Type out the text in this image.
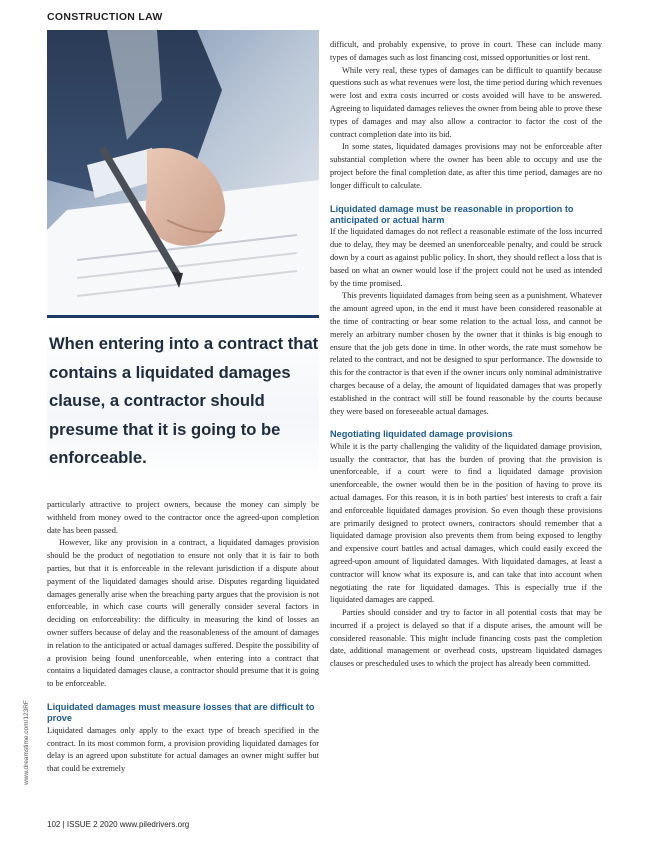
CONSTRUCTION LAW

When entering into a contract that contains a liquidated damages clause, a contractor should presume that it is going to be enforceable.

particularly attractive to project owners, because the money can simply be withheld from money owed to the contractor once the agreed-upon completion date has been passed.

However, like any provision in a contract, a liquidated damages provision should be the product of negotiation to ensure not only that it is fair to both parties, but that it is enforceable in the relevant jurisdiction if a dispute about payment of the liquidated damages should arise. Disputes regarding liquidated damages generally arise when the breaching party argues that the provision is not enforceable, in which case courts will generally consider several factors in deciding on enforceability: the difficulty in measuring the kind of losses an owner suffers because of delay and the reasonableness of the amount of damages in relation to the anticipated or actual damages suffered. Despite the possibility of a provision being found unenforceable, when entering into a contract that contains a liquidated damages clause, a contractor should presume that it is going to be enforceable.

Liquidated damages must measure losses that are difficult to prove

Liquidated damages only apply to the exact type of breach specified in the contract. In its most common form, a provision providing liquidated damages for delay is an agreed upon substitute for actual damages an owner might suffer but that could be extremely

difficult, and probably expensive, to prove in court. These can include many types of damages such as lost financing cost, missed opportunities or lost rent.

While very real, these types of damages can be difficult to quantify because questions such as what revenues were lost, the time period during which revenues were lost and extra costs incurred or costs avoided will have to be answered. Agreeing to liquidated damages relieves the owner from being able to prove these types of damages and may also allow a contractor to factor the cost of the contract completion date into its bid.

In some states, liquidated damages provisions may not be enforceable after substantial completion where the owner has been able to occupy and use the project before the final completion date, as after this time period, damages are no longer difficult to calculate.

Liquidated damage must be reasonable in proportion to anticipated or actual harm

If the liquidated damages do not reflect a reasonable estimate of the loss incurred due to delay, they may be deemed an unenforceable penalty, and could be struck down by a court as against public policy. In short, they should reflect a loss that is based on what an owner would lose if the project could not be used as intended by the time promised.

This prevents liquidated damages from being seen as a punishment. Whatever the amount agreed upon, in the end it must have been considered reasonable at the time of contracting or bear some relation to the actual loss, and cannot be merely an arbitrary number chosen by the owner that it thinks is big enough to ensure that the job gets done in time. In other words, the rate must somehow be related to the contract, and not be designed to spur performance. The downside to this for the contractor is that even if the owner incurs only nominal administrative charges because of a delay, the amount of liquidated damages that was properly established in the contract will still be found reasonable by the courts because they were based on foreseeable actual damages.

Negotiating liquidated damage provisions

While it is the party challenging the validity of the liquidated damage provision, usually the contractor, that has the burden of proving that the provision is unenforceable, if a court were to find a liquidated damage provision unenforceable, the owner would then be in the position of having to prove its actual damages. For this reason, it is in both parties' best interests to craft a fair and enforceable liquidated damages provision. So even though these provisions are primarily designed to protect owners, contractors should remember that a liquidated damage provision also prevents them from being exposed to lengthy and expensive court battles and actual damages, which could easily exceed the agreed-upon amount of liquidated damages. With liquidated damages, at least a contractor will know what its exposure is, and can take that into account when negotiating the rate for liquidated damages. This is especially true if the liquidated damages are capped.

Parties should consider and try to factor in all potential costs that may be incurred if a project is delayed so that if a dispute arises, the amount will be considered reasonable. This might include financing costs past the completion date, additional management or overhead costs, upstream liquidated damages clauses or prescheduled uses to which the project has already been committed.

www.dreamstime.com/123RF
102 | ISSUE 2 2020 www.piledrivers.org
